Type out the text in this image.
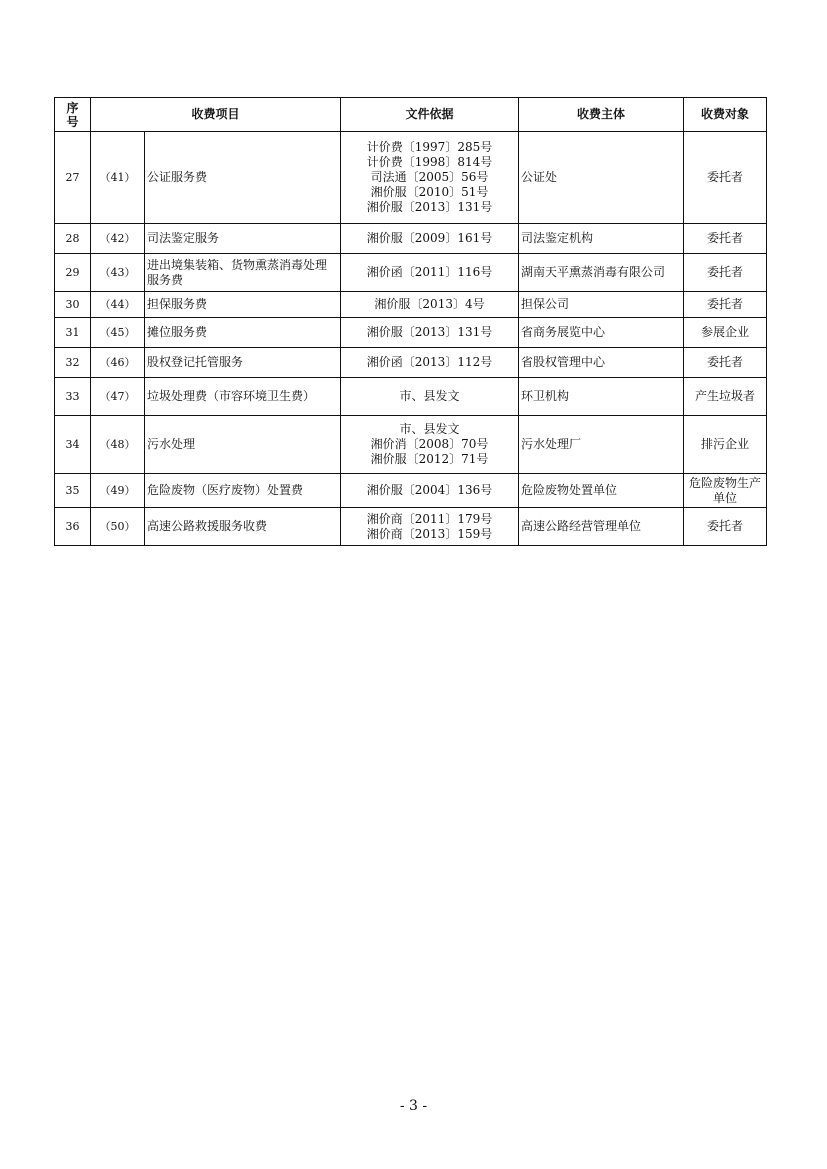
序
号	收费项目		文件依据	收费主体	收费对象
27	（41）	公证服务费	计价费〔1997〕285号
计价费〔1998〕814号
司法通〔2005〕56号
湘价服〔2010〕51号
湘价服〔2013〕131号	公证处	委托者
28	（42）	司法鉴定服务	湘价服〔2009〕161号	司法鉴定机构	委托者
29	（43）	进出境集装箱、货物熏蒸消毒处理服务费	湘价函〔2011〕116号	湖南天平熏蒸消毒有限公司	委托者
30	（44）	担保服务费	湘价服〔2013〕4号	担保公司	委托者
31	（45）	摊位服务费	湘价服〔2013〕131号	省商务展览中心	参展企业
32	（46）	股权登记托管服务	湘价函〔2013〕112号	省股权管理中心	委托者
33	（47）	垃圾处理费（市容环境卫生费）	市、县发文	环卫机构	产生垃圾者
34	（48）	污水处理	市、县发文
湘价消〔2008〕70号
湘价服〔2012〕71号	污水处理厂	排污企业
35	（49）	危险废物（医疗废物）处置费	湘价服〔2004〕136号	危险废物处置单位	危险废物生产单位
36	（50）	高速公路救援服务收费	湘价商〔2011〕179号
湘价商〔2013〕159号	高速公路经营管理单位	委托者
- 3 -
